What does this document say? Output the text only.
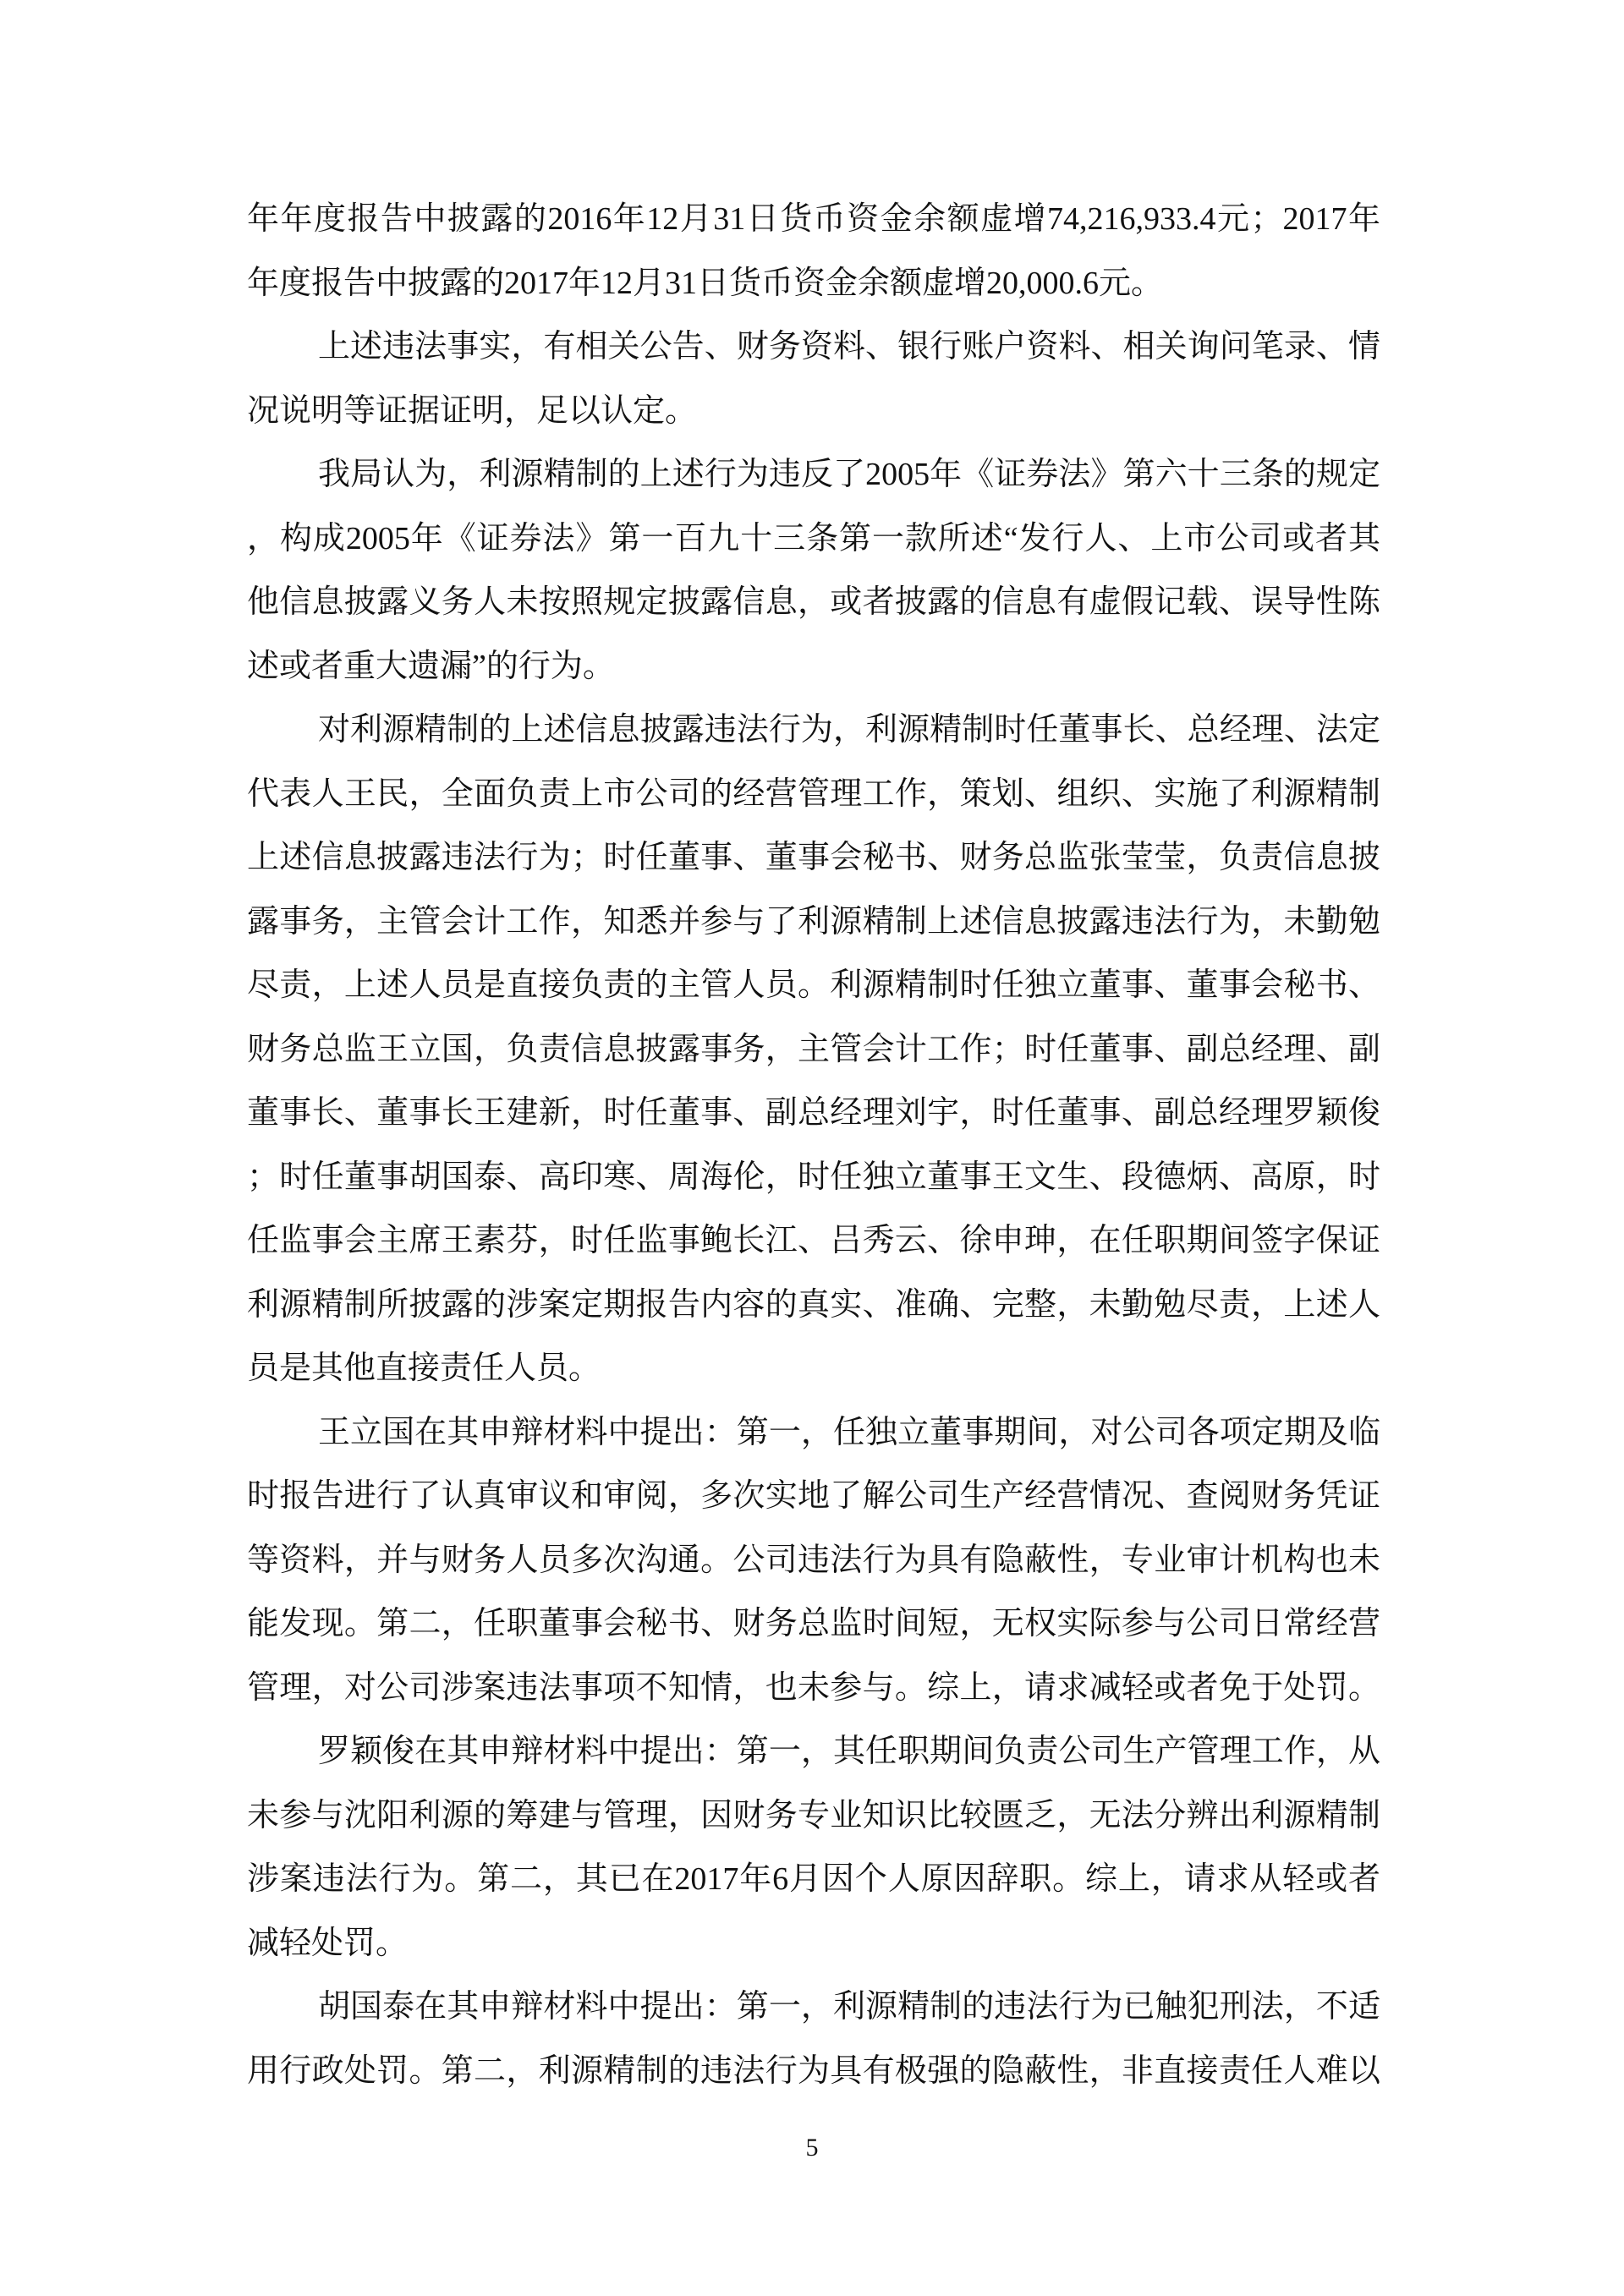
年年度报告中披露的2016年12月31日货币资金余额虚增74,216,933.4元；2017年
年度报告中披露的2017年12月31日货币资金余额虚增20,000.6元。
上述违法事实，有相关公告、财务资料、银行账户资料、相关询问笔录、情
况说明等证据证明，足以认定。
我局认为，利源精制的上述行为违反了2005年《证券法》第六十三条的规定
，构成2005年《证券法》第一百九十三条第一款所述“发行人、上市公司或者其
他信息披露义务人未按照规定披露信息，或者披露的信息有虚假记载、误导性陈
述或者重大遗漏”的行为。
对利源精制的上述信息披露违法行为，利源精制时任董事长、总经理、法定
代表人王民，全面负责上市公司的经营管理工作，策划、组织、实施了利源精制
上述信息披露违法行为；时任董事、董事会秘书、财务总监张莹莹，负责信息披
露事务，主管会计工作，知悉并参与了利源精制上述信息披露违法行为，未勤勉
尽责，上述人员是直接负责的主管人员。利源精制时任独立董事、董事会秘书、
财务总监王立国，负责信息披露事务，主管会计工作；时任董事、副总经理、副
董事长、董事长王建新，时任董事、副总经理刘宇，时任董事、副总经理罗颖俊
；时任董事胡国泰、高印寒、周海伦，时任独立董事王文生、段德炳、高原，时
任监事会主席王素芬，时任监事鲍长江、吕秀云、徐申珅，在任职期间签字保证
利源精制所披露的涉案定期报告内容的真实、准确、完整，未勤勉尽责，上述人
员是其他直接责任人员。
王立国在其申辩材料中提出：第一，任独立董事期间，对公司各项定期及临
时报告进行了认真审议和审阅，多次实地了解公司生产经营情况、查阅财务凭证
等资料，并与财务人员多次沟通。公司违法行为具有隐蔽性，专业审计机构也未
能发现。第二，任职董事会秘书、财务总监时间短，无权实际参与公司日常经营
管理，对公司涉案违法事项不知情，也未参与。综上，请求减轻或者免于处罚。
罗颖俊在其申辩材料中提出：第一，其任职期间负责公司生产管理工作，从
未参与沈阳利源的筹建与管理，因财务专业知识比较匮乏，无法分辨出利源精制
涉案违法行为。第二，其已在2017年6月因个人原因辞职。综上，请求从轻或者
减轻处罚。
胡国泰在其申辩材料中提出：第一，利源精制的违法行为已触犯刑法，不适
用行政处罚。第二，利源精制的违法行为具有极强的隐蔽性，非直接责任人难以
5
